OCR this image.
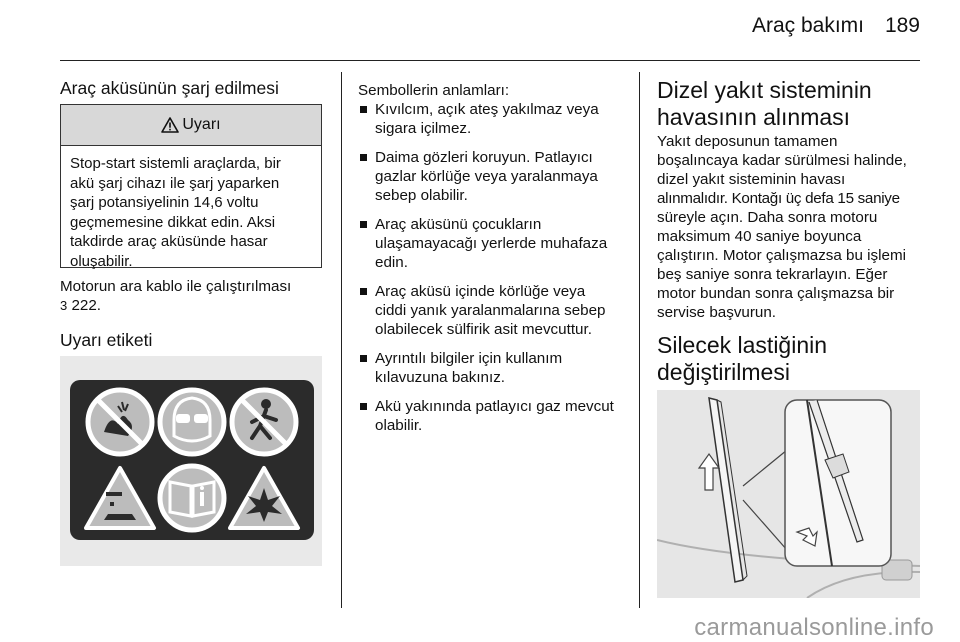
Araç bakımı 189
Araç aküsünün şarj edilmesi
Uyarı
Stop-start sistemli araçlarda, bir
akü şarj cihazı ile şarj yaparken
şarj potansiyelinin 14,6 voltu
geçmemesine dikkat edin. Aksi
takdirde araç aküsünde hasar
oluşabilir.
Motorun ara kablo ile çalıştırılması
3 222.
Uyarı etiketi
Sembollerin anlamları:
Kıvılcım, açık ateş yakılmaz veya
sigara içilmez.
Daima gözleri koruyun. Patlayıcı
gazlar körlüğe veya yaralanmaya
sebep olabilir.
Araç aküsünü çocukların
ulaşamayacağı yerlerde muhafaza
edin.
Araç aküsü içinde körlüğe veya
ciddi yanık yaralanmalarına sebep
olabilecek sülfirik asit mevcuttur.
Ayrıntılı bilgiler için kullanım
kılavuzuna bakınız.
Akü yakınında patlayıcı gaz mevcut
olabilir.
Dizel yakıt sisteminin
havasının alınması
Yakıt deposunun tamamen
boşalıncaya kadar sürülmesi halinde,
dizel yakıt sisteminin havası
alınmalıdır. Kontağı üç defa 15 saniye
süreyle açın. Daha sonra motoru
maksimum 40 saniye boyunca
çalıştırın. Motor çalışmazsa bu işlemi
beş saniye sonra tekrarlayın. Eğer
motor bundan sonra çalışmazsa bir
servise başvurun.
Silecek lastiğinin
değiştirilmesi
carmanualsonline.info
